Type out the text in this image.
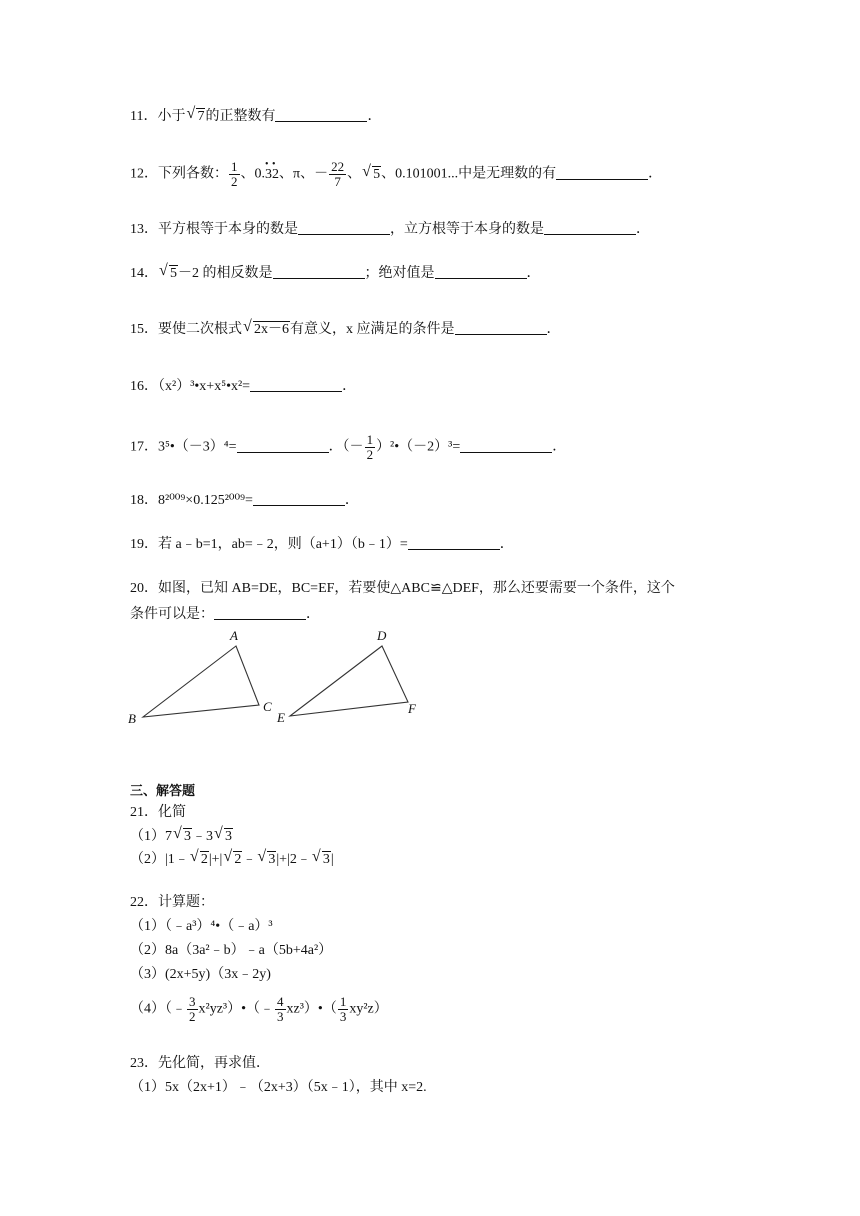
11．小于 √ 7的正整数有	．
12．下列各数： $\frac{1}{2}$ 、0.
•
3
•
2、π、－ $\frac{22}{7}$ 、 √ 5、0.101001...中是无理数的有	．
13．平方根等于本身的数是	，立方根等于本身的数是	．
14． √ 5－2 的相反数是	；绝对值是	．
15．要使二次根式 √ 2x－6有意义，x 应满足的条件是	．
16．（x²）³•x+x⁵•x²=	．
17．3⁵•（－3）⁴=	．（－ $\frac{1}{2}$ ）²•（－2）³=	．
18．8²⁰⁰⁹×0.125²⁰⁰⁹=	．
19．若 a﹣b=1，ab=﹣2，则（a+1）（b﹣1）=	．
20．如图，已知 AB=DE，BC=EF，若要使△ABC≌△DEF，那么还要需要一个条件，这个
条件可以是：	．
A
B
C
D
E
F
三、解答题
21．化简
（1）7 √ 3﹣3 √ 3
（2）|1﹣ √ 2|+| √ 2﹣ √ 3|+|2﹣ √ 3|
22．计算题：
（1）（﹣a³）⁴•（﹣a）³
（2）8a（3a²﹣b）﹣a（5b+4a²）
（3）(2x+5y)（3x﹣2y)
（4）（﹣ $\frac{3}{2}$ x²yz³）•（﹣ $\frac{4}{3}$ xz³）•（ $\frac{1}{3} xy^2z$）
23．先化简，再求值．
（1）5x（2x+1）﹣（2x+3）（5x﹣1），其中 x=2.
